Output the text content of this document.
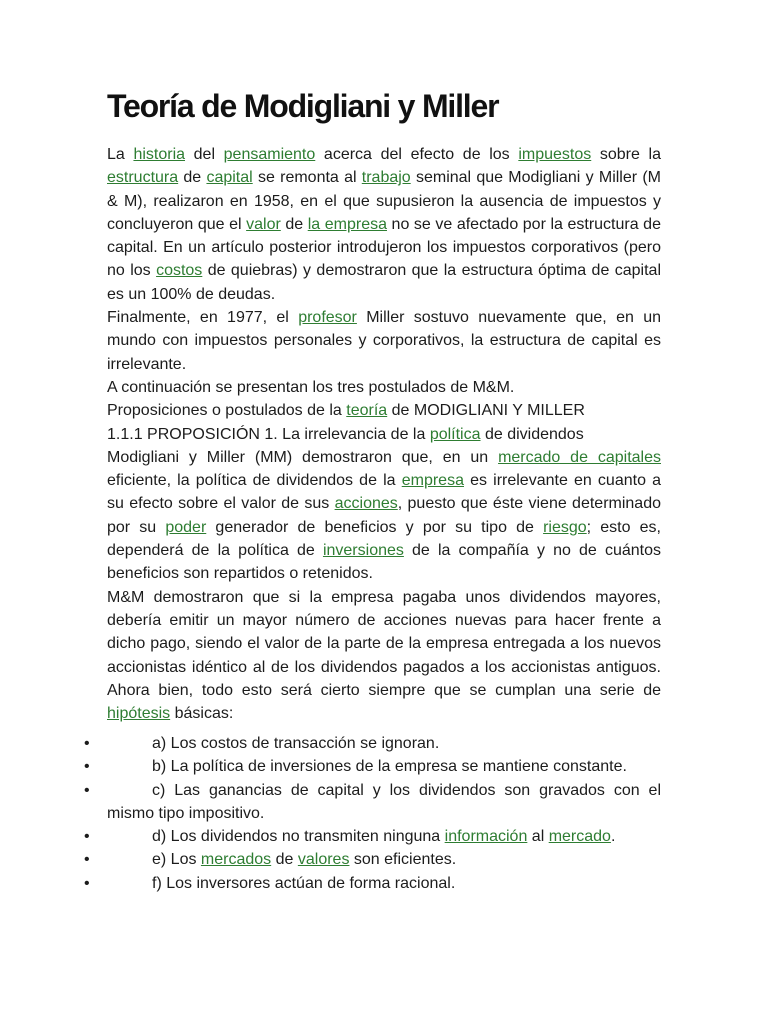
Teoría de Modigliani y Miller

La historia del pensamiento acerca del efecto de los impuestos sobre la estructura de capital se remonta al trabajo seminal que Modigliani y Miller (M & M), realizaron en 1958, en el que supusieron la ausencia de impuestos y concluyeron que el valor de la empresa no se ve afectado por la estructura de capital. En un artículo posterior introdujeron los impuestos corporativos (pero no los costos de quiebras) y demostraron que la estructura óptima de capital es un 100% de deudas.

Finalmente, en 1977, el profesor Miller sostuvo nuevamente que, en un mundo con impuestos personales y corporativos, la estructura de capital es irrelevante.

A continuación se presentan los tres postulados de M&M.

Proposiciones o postulados de la teoría de MODIGLIANI Y MILLER

1.1.1 PROPOSICIÓN 1. La irrelevancia de la política de dividendos

Modigliani y Miller (MM) demostraron que, en un mercado de capitales eficiente, la política de dividendos de la empresa es irrelevante en cuanto a su efecto sobre el valor de sus acciones, puesto que éste viene determinado por su poder generador de beneficios y por su tipo de riesgo; esto es, dependerá de la política de inversiones de la compañía y no de cuántos beneficios son repartidos o retenidos.

M&M demostraron que si la empresa pagaba unos dividendos mayores, debería emitir un mayor número de acciones nuevas para hacer frente a dicho pago, siendo el valor de la parte de la empresa entregada a los nuevos accionistas idéntico al de los dividendos pagados a los accionistas antiguos. Ahora bien, todo esto será cierto siempre que se cumplan una serie de hipótesis básicas:

•	a) Los costos de transacción se ignoran.
•	b) La política de inversiones de la empresa se mantiene constante.
•	c) Las ganancias de capital y los dividendos son gravados con el mismo tipo impositivo.
•	d) Los dividendos no transmiten ninguna información al mercado.
•	e) Los mercados de valores son eficientes.
•	f) Los inversores actúan de forma racional.
